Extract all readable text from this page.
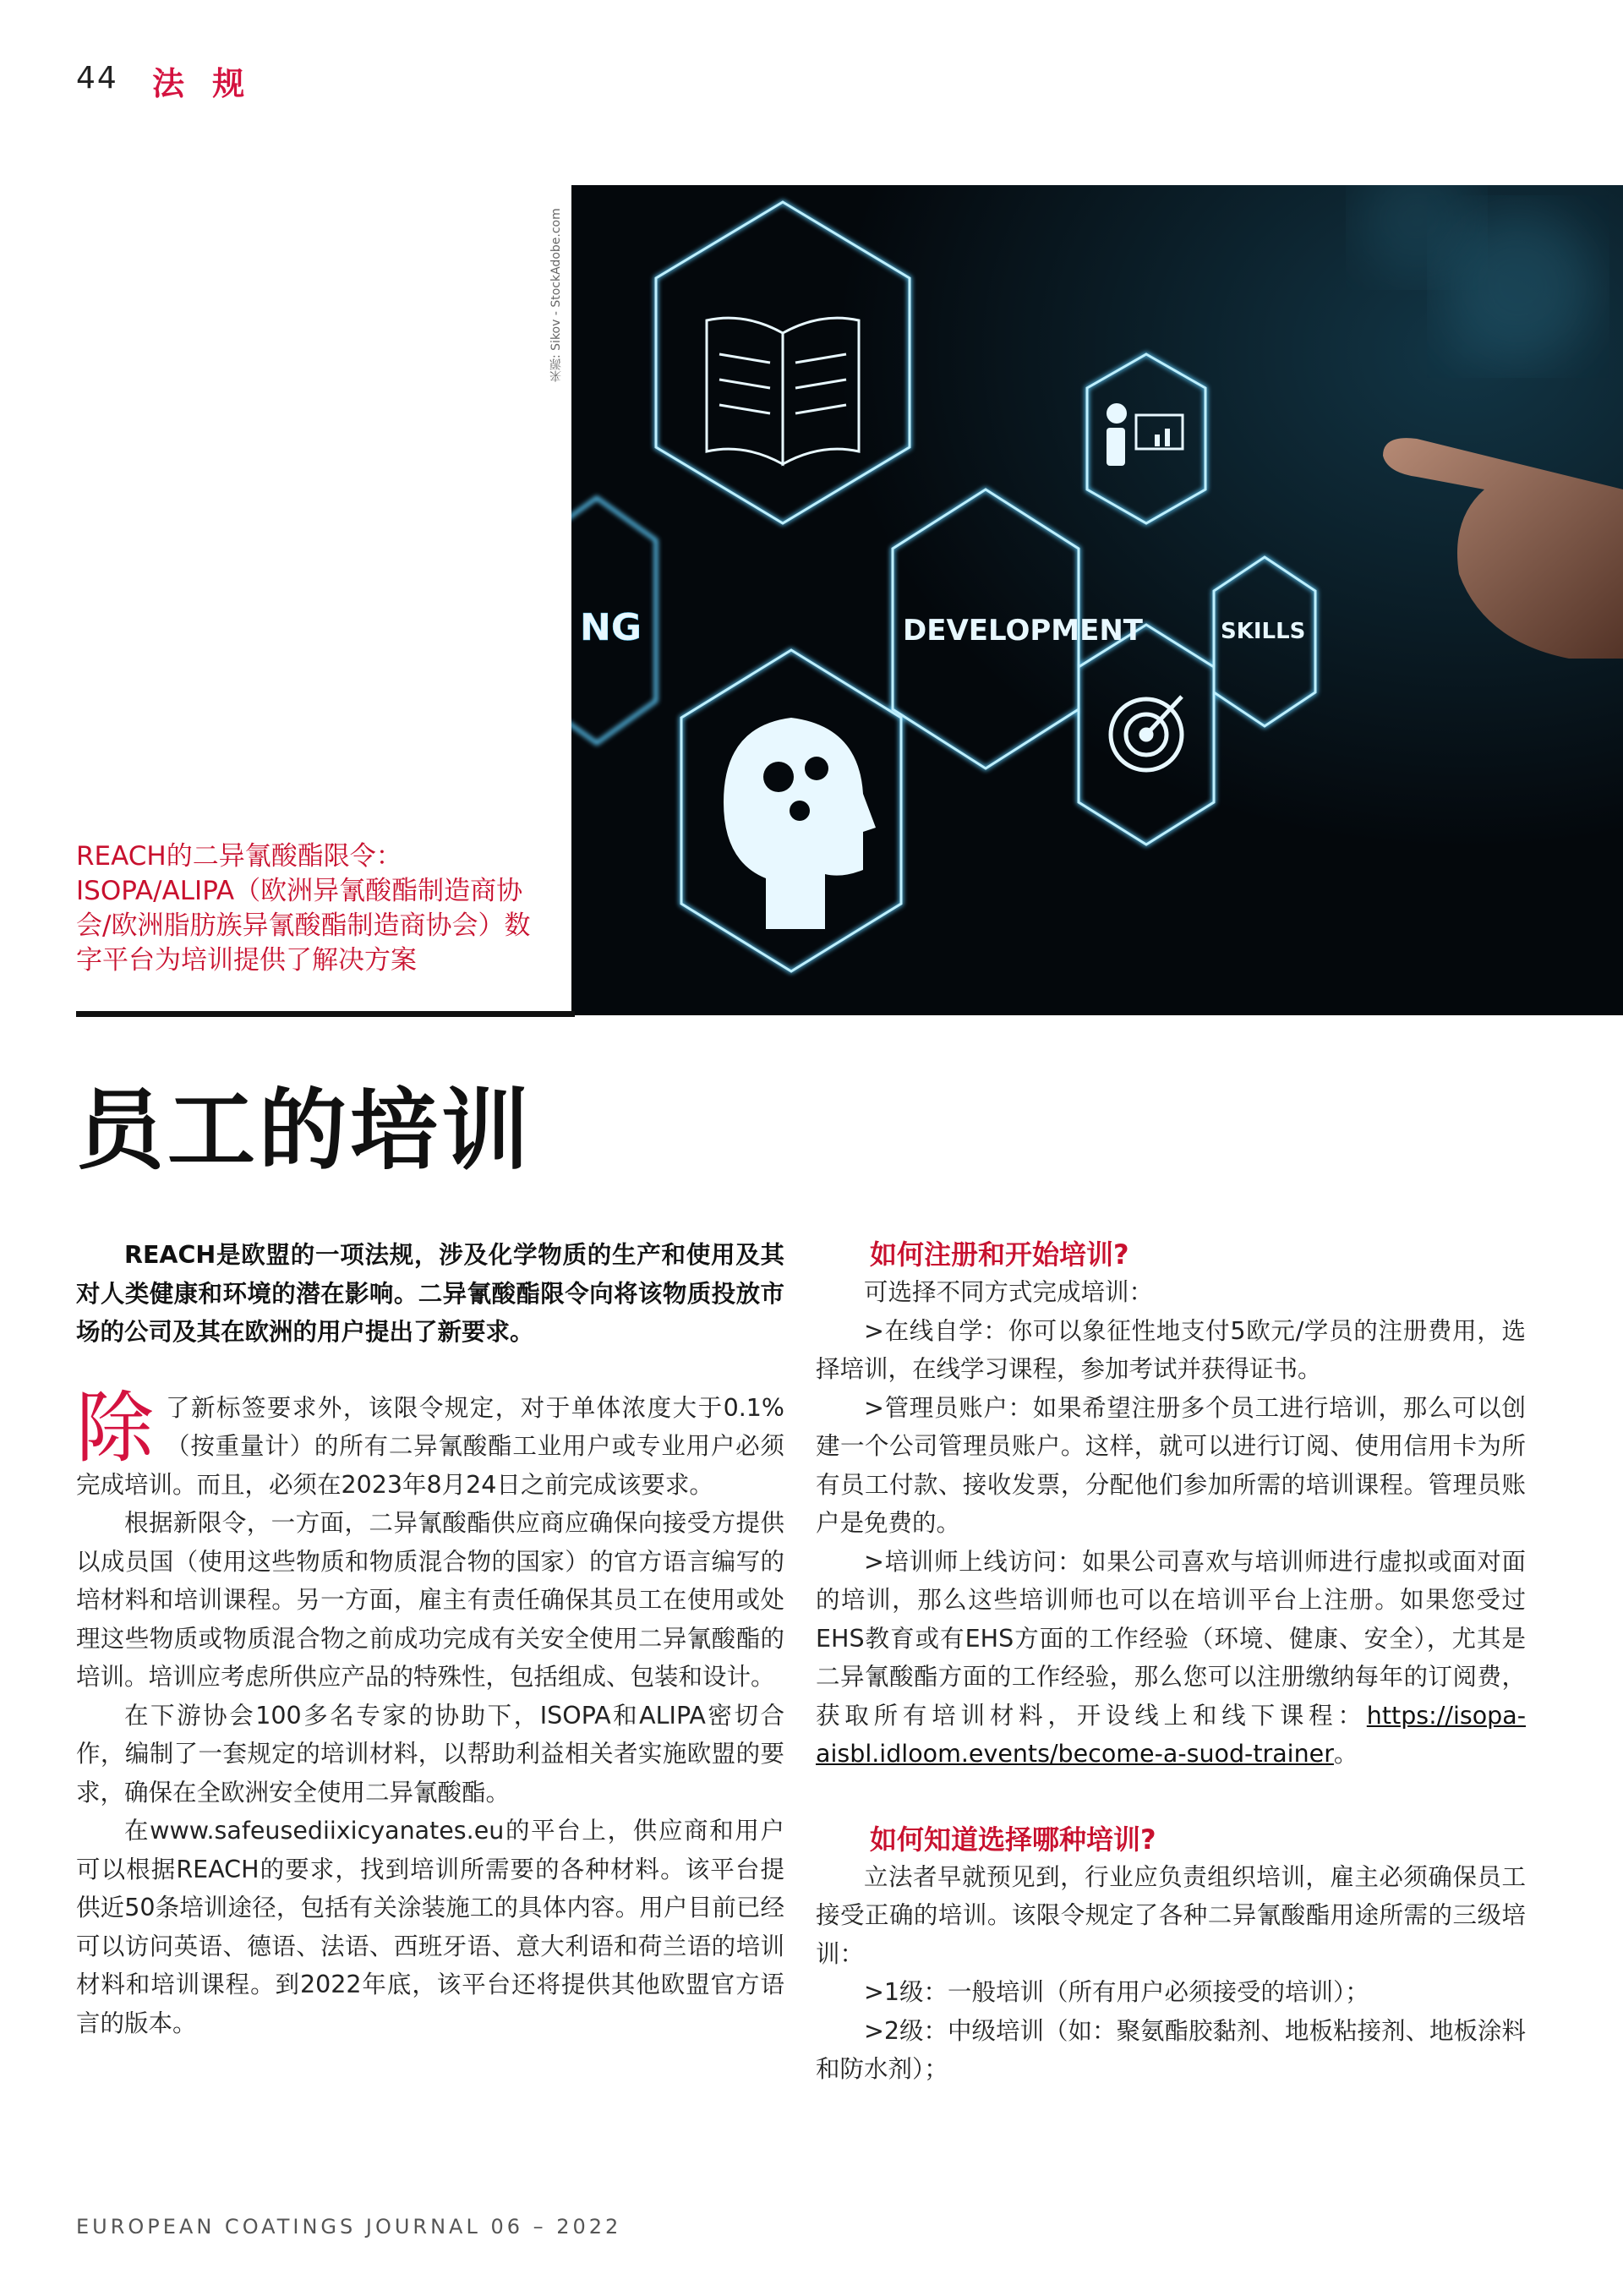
44 法 规
来源: Sikov - StockAdobe.com
NG	DEVELOPMENT	SKILLS
REACH的二异氰酸酯限令：ISOPA/ALIPA（欧洲异氰酸酯制造商协会/欧洲脂肪族异氰酸酯制造商协会）数字平台为培训提供了解决方案
员工的培训

REACH是欧盟的一项法规，涉及化学物质的生产和使用及其对人类健康和环境的潜在影响。二异氰酸酯限令向将该物质投放市场的公司及其在欧洲的用户提出了新要求。

除了新标签要求外，该限令规定，对于单体浓度大于0.1%（按重量计）的所有二异氰酸酯工业用户或专业用户必须完成培训。而且，必须在2023年8月24日之前完成该要求。

根据新限令，一方面，二异氰酸酯供应商应确保向接受方提供以成员国（使用这些物质和物质混合物的国家）的官方语言编写的培材料和培训课程。另一方面，雇主有责任确保其员工在使用或处理这些物质或物质混合物之前成功完成有关安全使用二异氰酸酯的培训。培训应考虑所供应产品的特殊性，包括组成、包装和设计。

在下游协会100多名专家的协助下，ISOPA和ALIPA密切合作，编制了一套规定的培训材料，以帮助利益相关者实施欧盟的要求，确保在全欧洲安全使用二异氰酸酯。

在www.safeusediixicyanates.eu的平台上，供应商和用户可以根据REACH的要求，找到培训所需要的各种材料。该平台提供近50条培训途径，包括有关涂装施工的具体内容。用户目前已经可以访问英语、德语、法语、西班牙语、意大利语和荷兰语的培训材料和培训课程。到2022年底，该平台还将提供其他欧盟官方语言的版本。

如何注册和开始培训?

可选择不同方式完成培训：

>在线自学：你可以象征性地支付5欧元/学员的注册费用，选择培训，在线学习课程，参加考试并获得证书。

>管理员账户：如果希望注册多个员工进行培训，那么可以创建一个公司管理员账户。这样，就可以进行订阅、使用信用卡为所有员工付款、接收发票，分配他们参加所需的培训课程。管理员账户是免费的。

>培训师上线访问：如果公司喜欢与培训师进行虚拟或面对面的培训，那么这些培训师也可以在培训平台上注册。如果您受过EHS教育或有EHS方面的工作经验（环境、健康、安全），尤其是二异氰酸酯方面的工作经验，那么您可以注册缴纳每年的订阅费，获取所有培训材料，开设线上和线下课程：https://isopa-aisbl.idloom.events/become-a-suod-trainer。

如何知道选择哪种培训?

立法者早就预见到，行业应负责组织培训，雇主必须确保员工接受正确的培训。该限令规定了各种二异氰酸酯用途所需的三级培训：

>1级：一般培训（所有用户必须接受的培训）；

>2级：中级培训（如：聚氨酯胶黏剂、地板粘接剂、地板涂料和防水剂）；

EUROPEAN COATINGS JOURNAL 06 – 2022
